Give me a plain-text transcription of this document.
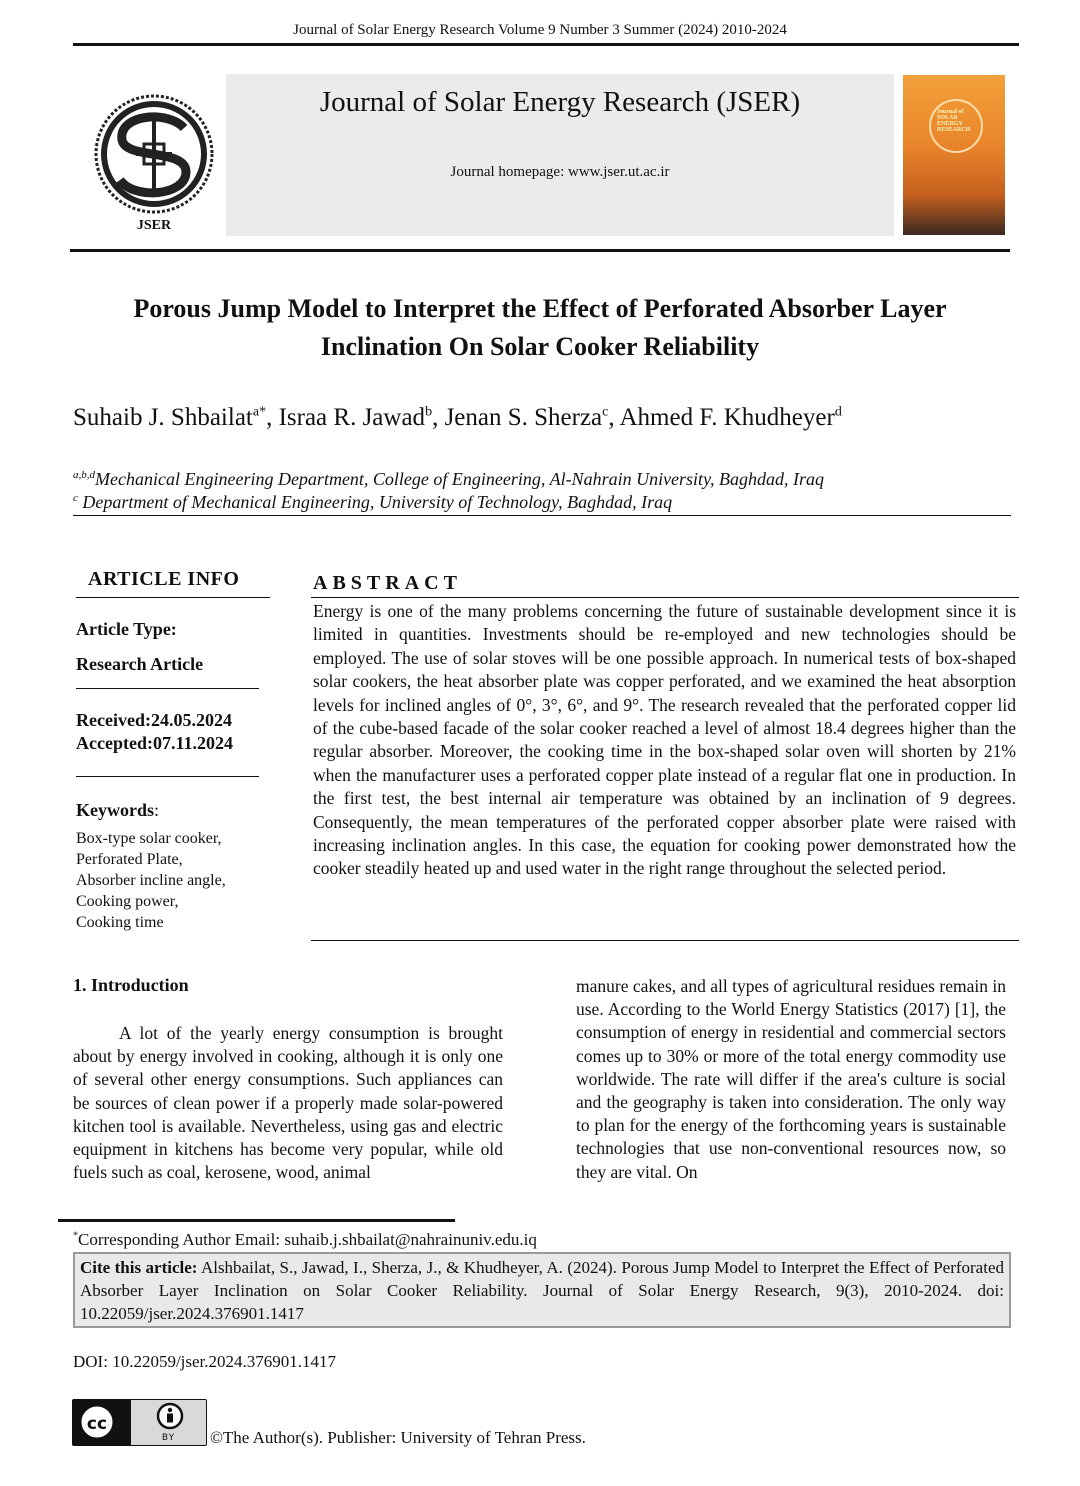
Journal of Solar Energy Research Volume 9 Number 3 Summer (2024) 2010-2024
JSER
Journal of Solar Energy Research (JSER)
Journal homepage: www.jser.ut.ac.ir
Journal of
SOLAR
ENERGY
RESEARCH
Porous Jump Model to Interpret the Effect of Perforated Absorber Layer
Inclination On Solar Cooker Reliability
Suhaib J. Shbailat$^{a*}$, Israa R. Jawad$^b$, Jenan S. Sherza$^c$, Ahmed F. Khudheyer$^d$
$^{a,b,d}$Mechanical Engineering Department, College of Engineering, Al-Nahrain University, Baghdad, Iraq
$^c$ Department of Mechanical Engineering, University of Technology, Baghdad, Iraq
ARTICLE INFO
Article Type:
Research Article
Received:24.05.2024
Accepted:07.11.2024
Keywords:
Box-type solar cooker,
Perforated Plate,
Absorber incline angle,
Cooking power,
Cooking time
ABSTRACT
Energy is one of the many problems concerning the future of sustainable development since it is limited in quantities. Investments should be re-employed and new technologies should be employed. The use of solar stoves will be one possible approach. In numerical tests of box-shaped solar cookers, the heat absorber plate was copper perforated, and we examined the heat absorption levels for inclined angles of 0°, 3°, 6°, and 9°. The research revealed that the perforated copper lid of the cube-based facade of the solar cooker reached a level of almost 18.4 degrees higher than the regular absorber. Moreover, the cooking time in the box-shaped solar oven will shorten by 21% when the manufacturer uses a perforated copper plate instead of a regular flat one in production. In the first test, the best internal air temperature was obtained by an inclination of 9 degrees. Consequently, the mean temperatures of the perforated copper absorber plate were raised with increasing inclination angles. In this case, the equation for cooking power demonstrated how the cooker steadily heated up and used water in the right range throughout the selected period.
1. Introduction
A lot of the yearly energy consumption is brought about by energy involved in cooking, although it is only one of several other energy consumptions. Such appliances can be sources of clean power if a properly made solar-powered kitchen tool is available. Nevertheless, using gas and electric equipment in kitchens has become very popular, while old fuels such as coal, kerosene, wood, animal
manure cakes, and all types of agricultural residues remain in use. According to the World Energy Statistics (2017) [1], the consumption of energy in residential and commercial sectors comes up to 30% or more of the total energy commodity use worldwide. The rate will differ if the area's culture is social and the geography is taken into consideration. The only way to plan for the energy of the forthcoming years is sustainable technologies that use non-conventional resources now, so they are vital. On
*Corresponding Author Email: suhaib.j.shbailat@nahrainuniv.edu.iq
Cite this article: Alshbailat, S., Jawad, I., Sherza, J., & Khudheyer, A. (2024). Porous Jump Model to Interpret the Effect of Perforated Absorber Layer Inclination on Solar Cooker Reliability. Journal of Solar Energy Research, 9(3), 2010-2024. doi: 10.22059/jser.2024.376901.1417
DOI: 10.22059/jser.2024.376901.1417
cc
BY	©The Author(s). Publisher: University of Tehran Press.
